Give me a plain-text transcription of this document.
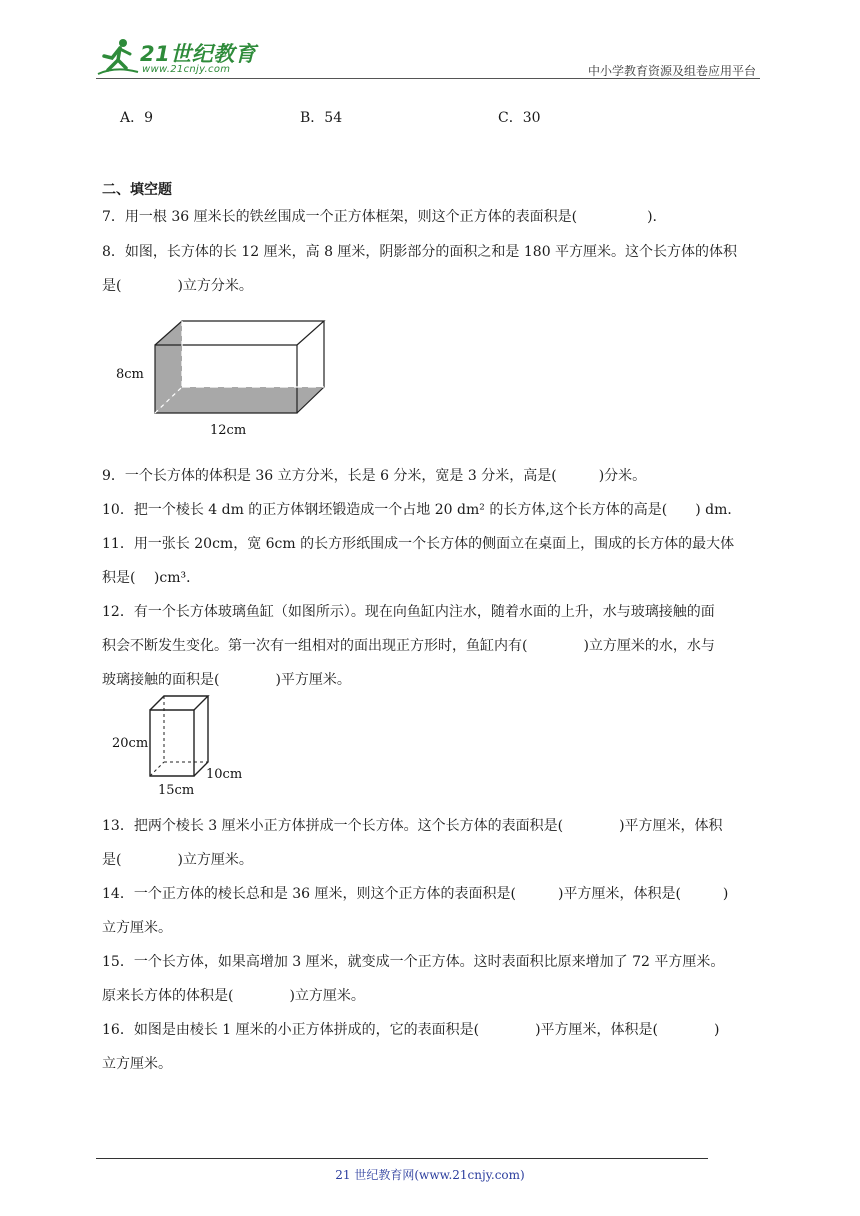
21世纪教育
www.21cnjy.com	中小学教育资源及组卷应用平台
A．9	B．54	C．30
二、填空题
7．用一根 36 厘米长的铁丝围成一个正方体框架，则这个正方体的表面积是(　　　　　).
8．如图，长方体的长 12 厘米，高 8 厘米，阴影部分的面积之和是 180 平方厘米。这个长方体的体积
是(　　　　)立方分米。
8cm
12cm
9．一个长方体的体积是 36 立方分米，长是 6 分米，宽是 3 分米，高是(　　　)分米。
10．把一个棱长 4 dm 的正方体钢坯锻造成一个占地 20 dm² 的长方体,这个长方体的高是(　　) dm．
11．用一张长 20cm，宽 6cm 的长方形纸围成一个长方体的侧面立在桌面上，围成的长方体的最大体
积是(　 )cm³．
12．有一个长方体玻璃鱼缸（如图所示）。现在向鱼缸内注水，随着水面的上升，水与玻璃接触的面
积会不断发生变化。第一次有一组相对的面出现正方形时，鱼缸内有(　　　　)立方厘米的水，水与
玻璃接触的面积是(　　　　)平方厘米。
20cm
15cm
10cm
13．把两个棱长 3 厘米小正方体拼成一个长方体。这个长方体的表面积是(　　　　)平方厘米，体积
是(　　　　)立方厘米。
14．一个正方体的棱长总和是 36 厘米，则这个正方体的表面积是(　　　)平方厘米，体积是(　　　)
立方厘米。
15．一个长方体，如果高增加 3 厘米，就变成一个正方体。这时表面积比原来增加了 72 平方厘米。
原来长方体的体积是(　　　　)立方厘米。
16．如图是由棱长 1 厘米的小正方体拼成的，它的表面积是(　　　　)平方厘米，体积是(　　　　)
立方厘米。
21 世纪教育网(www.21cnjy.com)
